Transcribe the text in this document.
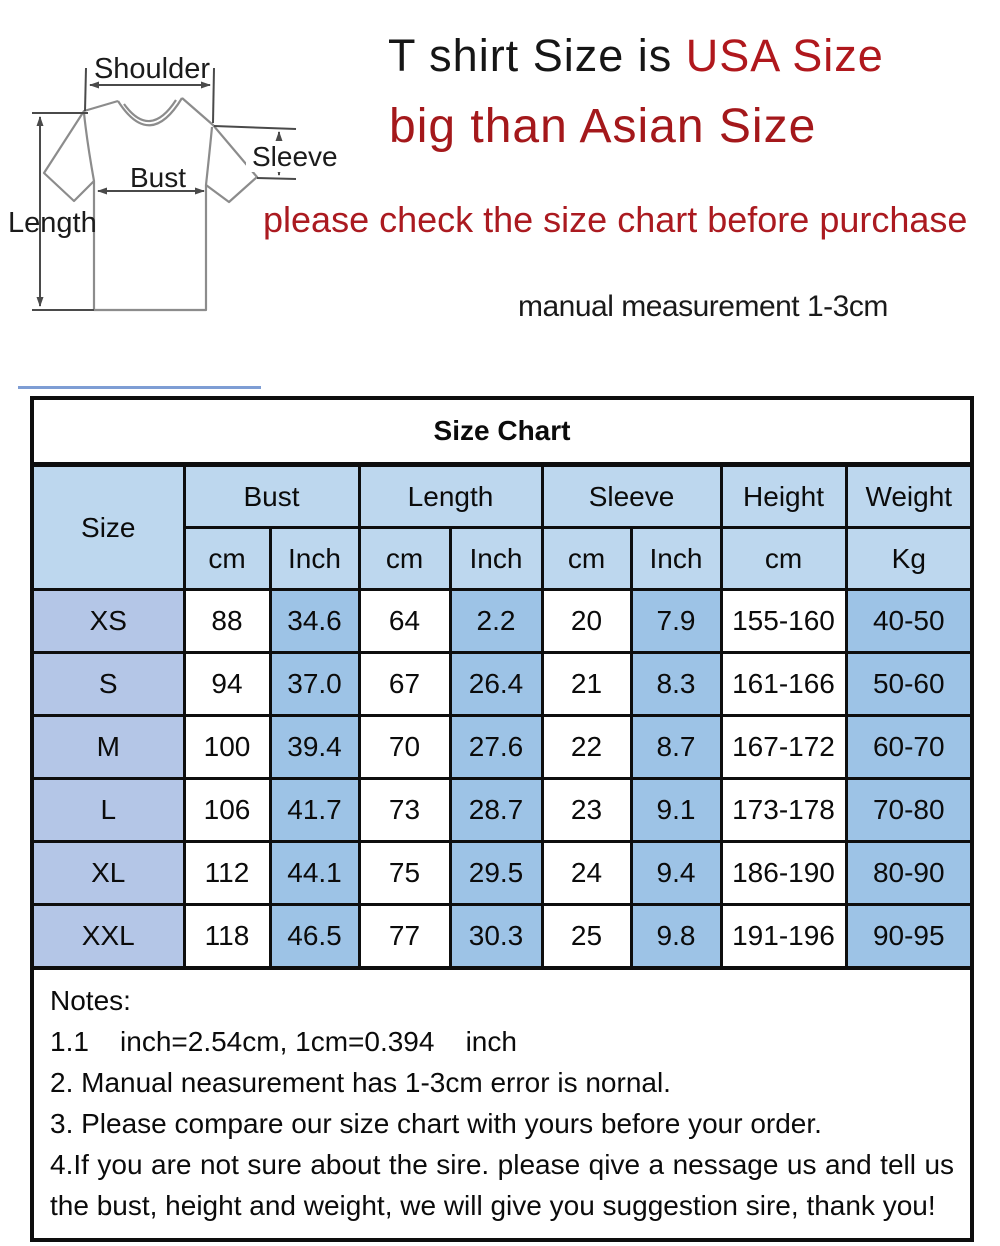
Shoulder
Sleeve
Bust
Length
T shirt Size is USA Size
big than Asian Size
please check the size chart before purchase
manual measurement 1-3cm
Size Chart								
Size	Bust		Length		Sleeve		Height	Weight
	cm	Inch	cm	Inch	cm	Inch	cm	Kg
XS	88	34.6	64	2.2	20	7.9	155-160	40-50
S	94	37.0	67	26.4	21	8.3	161-166	50-60
M	100	39.4	70	27.6	22	8.7	167-172	60-70
L	106	41.7	73	28.7	23	9.1	173-178	70-80
XL	112	44.1	75	29.5	24	9.4	186-190	80-90
XXL	118	46.5	77	30.3	25	9.8	191-196	90-95

Notes:
1.1    inch=2.54cm, 1cm=0.394    inch
2. Manual neasurement has 1-3cm error is nornal.
3. Please compare our size chart with yours before your order.
4.If you are not sure about the sire. please qive a nessage us and tell us the bust, height and weight, we will give you suggestion sire, thank you!								
